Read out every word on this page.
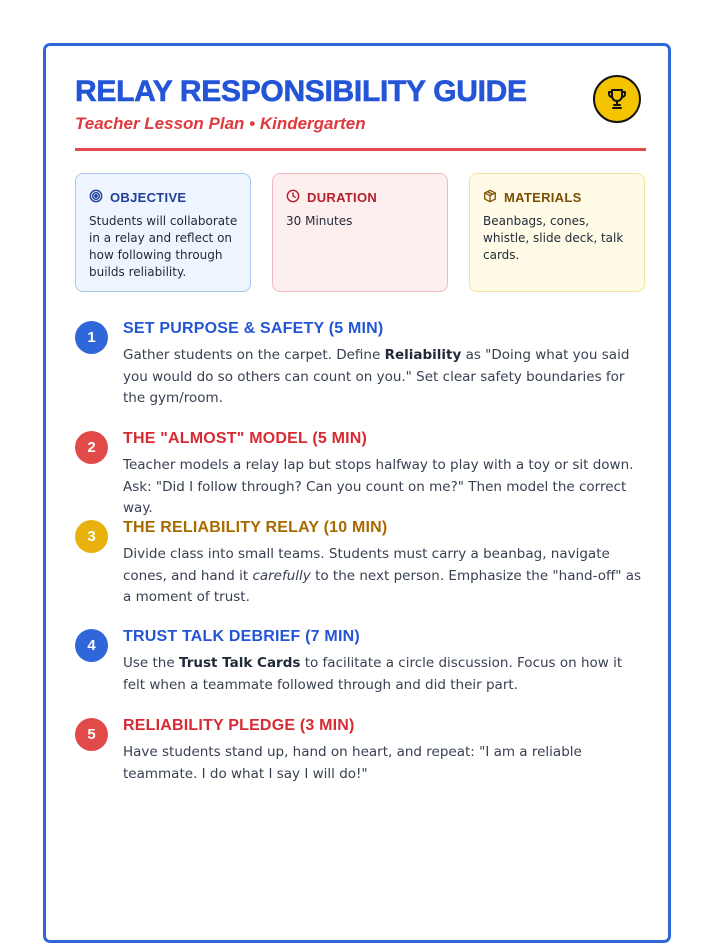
RELAY RESPONSIBILITY GUIDE
Teacher Lesson Plan • Kindergarten
OBJECTIVE
Students will collaborate in a relay and reflect on how following through builds reliability.
DURATION
30 Minutes
MATERIALS
Beanbags, cones, whistle, slide deck, talk cards.
1
SET PURPOSE & SAFETY (5 MIN)

Gather students on the carpet. Define Reliability as "Doing what you said you would do so others can count on you." Set clear safety boundaries for the gym/room.

2
THE "ALMOST" MODEL (5 MIN)

Teacher models a relay lap but stops halfway to play with a toy or sit down. Ask: "Did I follow through? Can you count on me?" Then model the correct way.

3
THE RELIABILITY RELAY (10 MIN)

Divide class into small teams. Students must carry a beanbag, navigate cones, and hand it carefully to the next person. Emphasize the "hand-off" as a moment of trust.

4
TRUST TALK DEBRIEF (7 MIN)

Use the Trust Talk Cards to facilitate a circle discussion. Focus on how it felt when a teammate followed through and did their part.

5
RELIABILITY PLEDGE (3 MIN)

Have students stand up, hand on heart, and repeat: "I am a reliable teammate. I do what I say I will do!"
